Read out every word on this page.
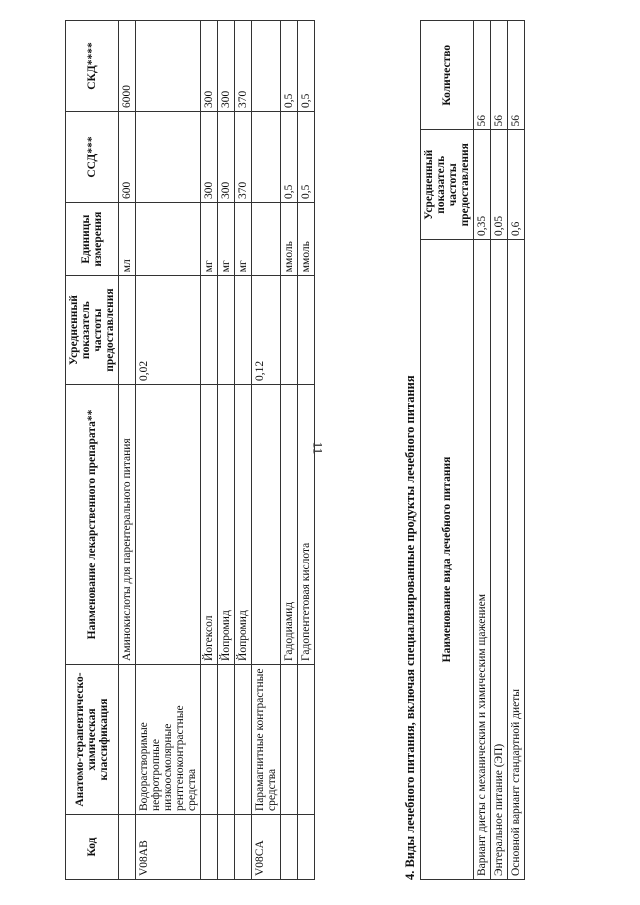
11
Код	Анатомо-терапевтическо-химическая классификация	Наименование лекарственного препарата**	Усредненный показатель частоты предоставления	Единицы измерения	ССД***	СКД****
		Аминокислоты для парентерального питания		мл	600	6000
V08AB	Водорастворимые нефротропные низкоосмолярные рентгеноконтрастные средства		0,02			
		Йогексол		мг	300	300
		Йопромид		мг	300	300
		Йопромид		мг	370	370
V08CA	Парамагнитные контрастные средства		0,12			
		Гадодиамид		ммоль	0,5	0,5
		Гадопентетовая кислота		ммоль	0,5	0,5
4. Виды лечебного питания, включая специализированные продукты лечебного питания Наименование вида лечебного питания	Усредненный показатель частоты предоставления	Количество
Вариант диеты с механическим и химическим щажением	0,35	56
Энтеральное питание (ЭП)	0,05	56
Основной вариант стандартной диеты	0,6	56
